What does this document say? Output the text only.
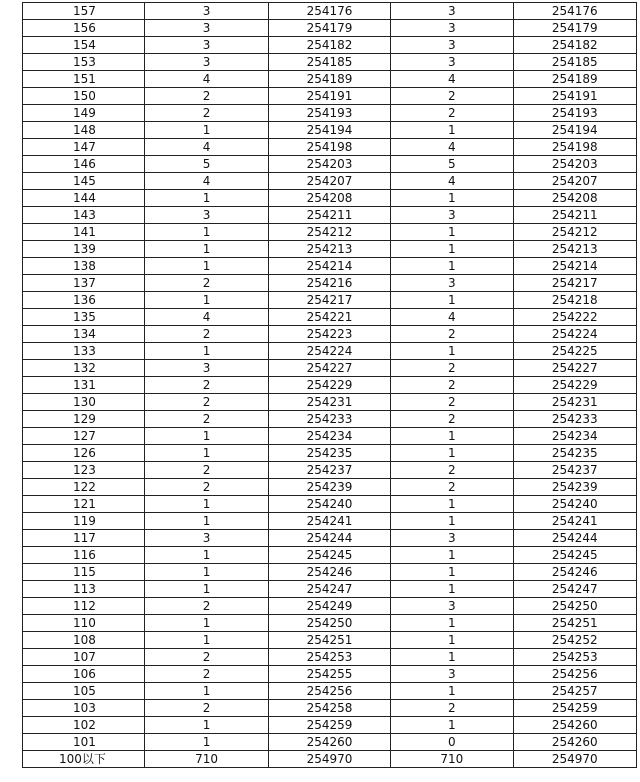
157	3	254176	3	254176
156	3	254179	3	254179
154	3	254182	3	254182
153	3	254185	3	254185
151	4	254189	4	254189
150	2	254191	2	254191
149	2	254193	2	254193
148	1	254194	1	254194
147	4	254198	4	254198
146	5	254203	5	254203
145	4	254207	4	254207
144	1	254208	1	254208
143	3	254211	3	254211
141	1	254212	1	254212
139	1	254213	1	254213
138	1	254214	1	254214
137	2	254216	3	254217
136	1	254217	1	254218
135	4	254221	4	254222
134	2	254223	2	254224
133	1	254224	1	254225
132	3	254227	2	254227
131	2	254229	2	254229
130	2	254231	2	254231
129	2	254233	2	254233
127	1	254234	1	254234
126	1	254235	1	254235
123	2	254237	2	254237
122	2	254239	2	254239
121	1	254240	1	254240
119	1	254241	1	254241
117	3	254244	3	254244
116	1	254245	1	254245
115	1	254246	1	254246
113	1	254247	1	254247
112	2	254249	3	254250
110	1	254250	1	254251
108	1	254251	1	254252
107	2	254253	1	254253
106	2	254255	3	254256
105	1	254256	1	254257
103	2	254258	2	254259
102	1	254259	1	254260
101	1	254260	0	254260
100以下	710	254970	710	254970
